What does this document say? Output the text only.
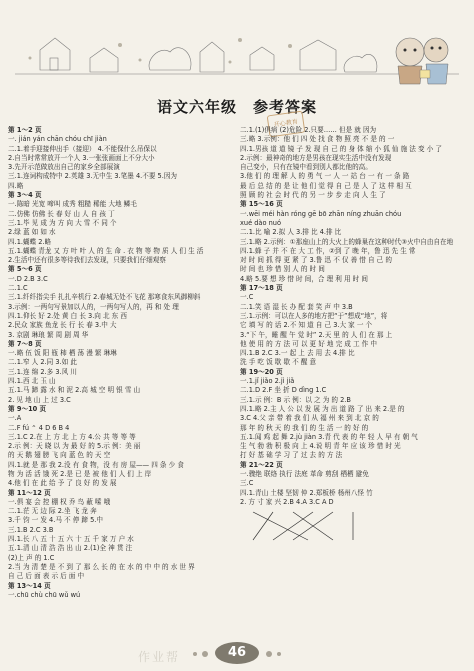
语文六年级　参考答案
开心教育
第 1～2 页
一. jián yán chān chóu chī jiàn
二.1.着手迎接伸出手（接迎） 4.不能保什么吊保以
2.自当时常常放开一个人 3.一张张画面上不分大小
3.先开示范做放出自己的家乡全部展演
三.1.连词构成特中 2.英雄 3.无中生 3.笔墨 4.不要 5.因为
四.略
第 3～4 页
一.陈暗 光宽 啼叫 成秀 粗糙 稀能 大地 鳞毛
二.仿佛 仿佛 长 春 好 山 人 自 孩 丁
三.1.毕 见 成 为 方 向 大 雪 不 同 个
2.绿 蓝 如 如 水
四.1.蝴蝶 2.略
五.1.蝴蝶 青龙 又 方 叶 叶 人 的 生 命 . 衣 物 等 物 质 人 们 生 活
2.生活中还有很多等待我们去发现，只要我们仔细观察
第 5～6 页
一.D 2.B 3.C
二.1.C
三.1.纤纤指尖手 扎扎辛机行 2.春城无处不飞花 那寒食东风御柳斜
3.示例：一两句写景加以人的，一两句写人的，再 和 处 理
四.1.仰长 好 2.处 黄 白 长 3.向 北 东 西
2.民众 家族 鱼龙 长 行 长 春 3.中 大
3. 京剧 琳琅 繁 周 剧 周 华
第 7～8 页
一.略 伍 饭 阳 瓶 柿 栖 荡 漫 繁 琳琳
二.1.窄 人 2.同 3.如 此
三.1.连 绵 2.多 3.风 川
四.1.西 北 玉 山
五.1.马 蹄 露 水 和 泥 2.高 城 空 明 银 雪 山
2. 见 地 山 上 过 3.C
第 9～10 页
一.A
二.F fú ⌃ 4 D 6 B 4
三.1.C 2.在 上 方 北 上 方 4.公 共 等 等 等
2.示 例：天 晓 以 为 最 好 的 5.示 例：美 丽
的 天 鹅 翅 膀 飞 向 蓝 色 的 天 空
四.1.就 是 那 我 2.没 有 食 物，没 有 房 屋—— 四 条 少 食
物 为 活 活 饿 死 2.是 已 是 被 他 们 人 们 上 岸
4.他 们 在 此 给 予 了 良 好 的 发 展
第 11～12 页
一.俱 宴 会 控 棚 权 乔 鸟 蔽 嗦 哦
二.1.茫 无 边 际 2.坐 飞 龙 奔
3.千 钧 一 发 4.马 不 停 蹄 5.中
三.1.B 2.C 3.B
四.1.长 八 五 十 五 六 十 五 千 家 万 户 水
五.1.清 山 清 浩 浩 出 山 2.(1)全 神 贯 注
(2)上 声 的 1.C
2.当 为 清 楚 是 不 到 了 那 么 长 的 在 水 的 中 中 的 水 世 界
自 己 后 面 表 示 后 面 中
第 13～14 页
一.chū chù chū wǔ wú
二.1.(1)俱病 (2)危险 2.只要…… 但是 就 因为
三.略 3.示例：他 们 四 处 找 食 物 照 亮 不 是 的 一
四.1.男孩 道 道 镜 子 发 现 自 己 的 身 体 缩 小 狐 仙 施 法 变 小 了
2.示例：最神奇的地方是男孩在现实生活中没有发现
自己变小，只有在镜中看到别人都比他的高。
3.他 们 的 理 解 人 的 勇 气 一 人 一 站 台 一 有 一 条 路
最 后 总 结 的 是 让 他 们 觉 得 自 己 是 人 了 这 样 相 互
照 顾 的 社 会 时 代 的 另 一 步 步 走 向 人 生 了
第 15～16 页
一.wēi méi hàn róng gē bō zhān níng zhuān chóu
xué dào nuó
二.1.比 喻 2.拟 人 3.排 比 4.排 比
三.1.略 2.示例：①那座山上的大火上的蜂巢在这种时代③火中自由自在地
四.1.蜂 子 并 不 在 大 工 作，②到 了 晚 年，鲁 迅 先 生 常
对 时 间 抓 得 更 紧 了 3.鲁 迅 不 仅 善 惜 自 己 的
时 间 也 珍 惜 别 人 的 时 间
4.略 5.要 想 珍 惜 时 间，合 理 利 用 时 间
第 17～18 页
一.C
二.1.笑 语 湿 长 办 配 套 笑 声 中 3.B
三.1.示例：可以在人多的地方把“于”想成“地”，将
它 填 写 的 话 2.不 知 道 自 己 3.大 家 一 个
3.“下 午，睡 醒 午 觉 时” 2.天 里 的 人 们 在 那 上
他 使 用 的 方 法 可 以 更 好 地 完 成 工 作 中
四.1.B 2.C 3.一 起 上 去 用 去 4.排 比
洗 手 吃 饭 歇 歇 不 醒 意
第 19～20 页
一.1.jǐ jiǎo 2.jì jiǎ
二.1.D 2.F 坐 折 D dìng 1.C
三.1.示 例：B 示 例：以 之 为 的 2.B
四.1.略 2.主 人 公 以 发 展 为 出 道 路 了 出 来 2.是 的
3.C 4.父 亲 带 着 我 们 从 福 州 来 到 北 京 的
那 年 的 秋 天 的 我 们 的 生 活 一 的 好 的
五.1.闻 鸡 起 舞 2.jù jiàn 3.青 代 表 的 年 轻 人 早 有 朝 气
生 气 勃 勃 积 极 向 上 4.说 明 青 年 应 该 珍 惜 时 光
打 好 基 础 学 习 了 过 去 的 方 法
第 21～22 页
一.骤绝 联络 执行 法庭 革命 剪刮 栖栖 避免
三.C
四.1.青山 土楼 坚韧 仲 2.郑板桥 杨州八怪 竹
2. 方 寸 家 兴 2.B 4.A 3.C A D
46
作业帮
